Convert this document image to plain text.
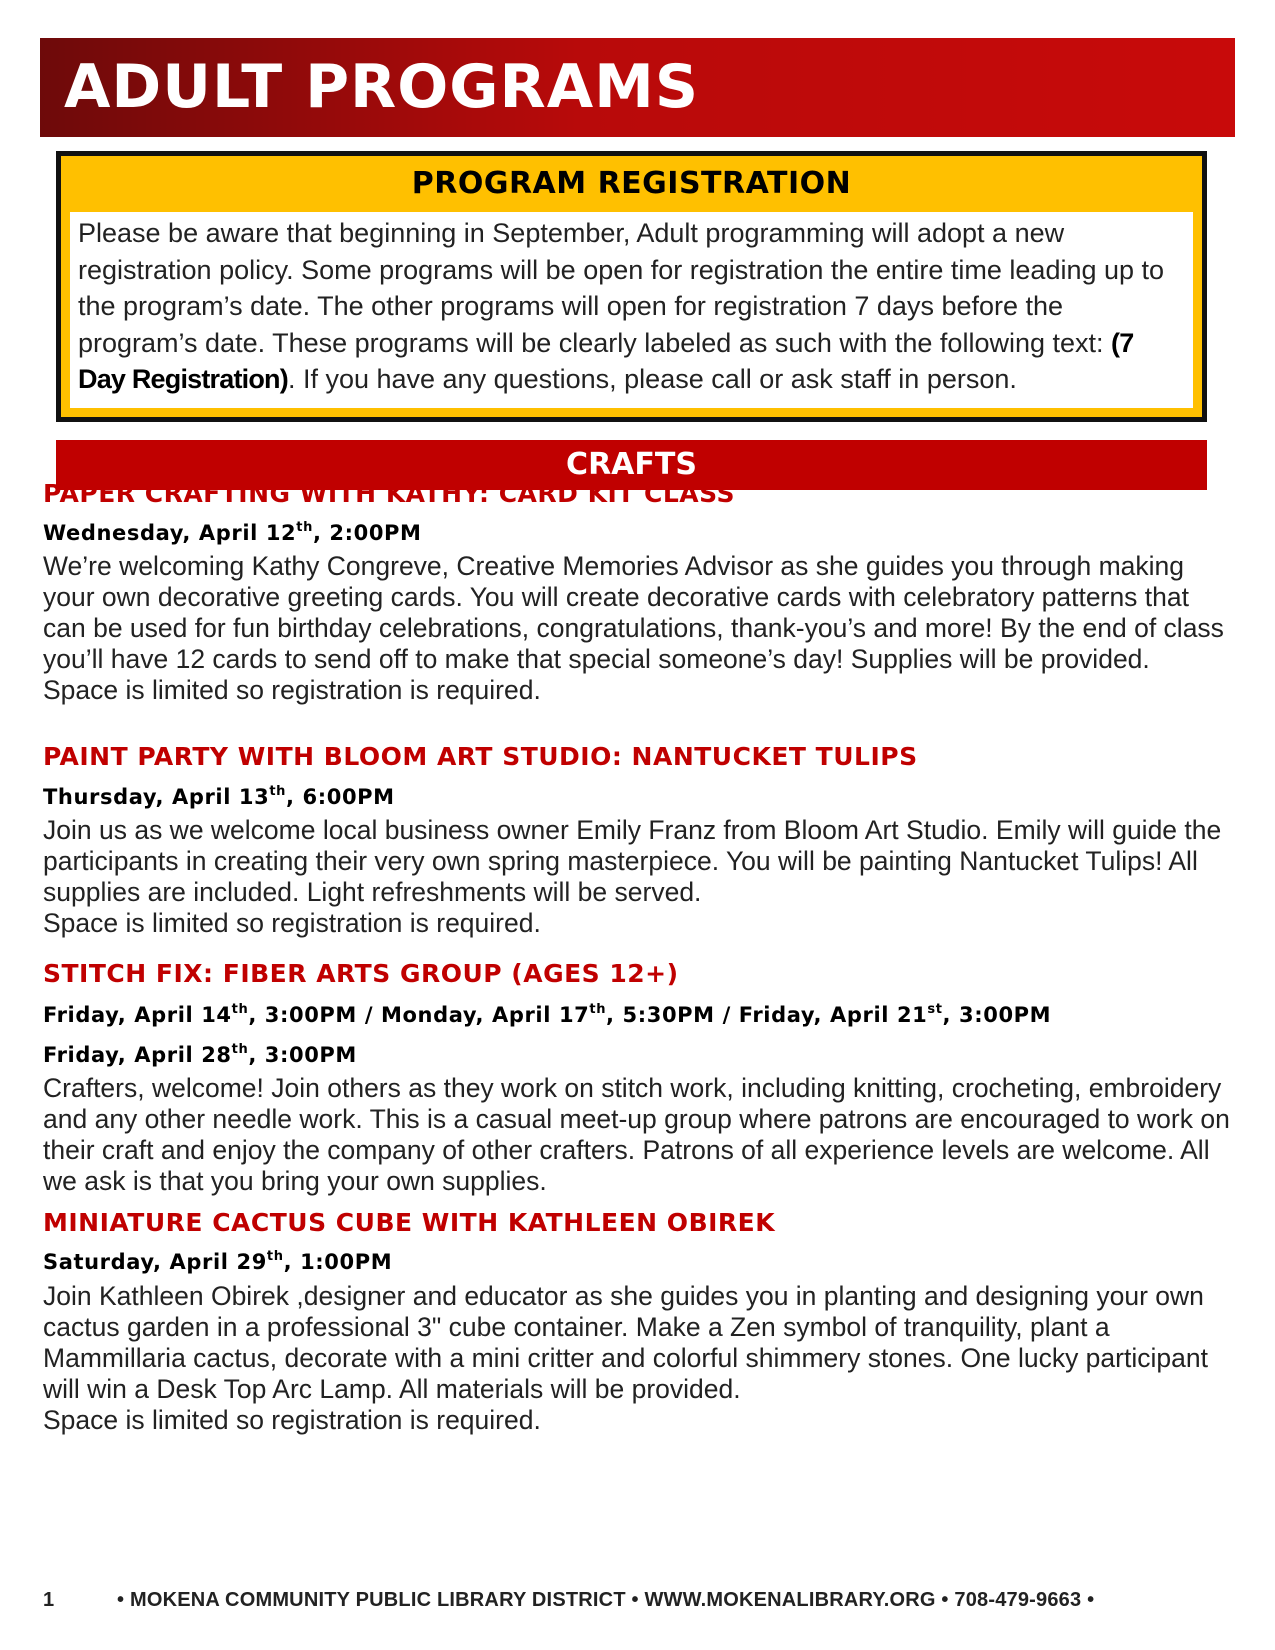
ADULT PROGRAMS
PROGRAM REGISTRATION
Please be aware that beginning in September, Adult programming will adopt a new registration policy. Some programs will be open for registration the entire time leading up to the program’s date. The other programs will open for registration 7 days before the program’s date. These programs will be clearly labeled as such with the following text: (7 Day Registration). If you have any questions, please call or ask staff in person.
CRAFTS
PAPER CRAFTING WITH KATHY: CARD KIT CLASS
Wednesday, April 12th, 2:00PM

We’re welcoming Kathy Congreve, Creative Memories Advisor as she guides you through making your own decorative greeting cards. You will create decorative cards with celebratory patterns that can be used for fun birthday celebrations, congratulations, thank-you’s and more! By the end of class you’ll have 12 cards to send off to make that special someone’s day! Supplies will be provided.

Space is limited so registration is required.

PAINT PARTY WITH BLOOM ART STUDIO: NANTUCKET TULIPS
Thursday, April 13th, 6:00PM

Join us as we welcome local business owner Emily Franz from Bloom Art Studio. Emily will guide the participants in creating their very own spring masterpiece. You will be painting Nantucket Tulips! All supplies are included. Light refreshments will be served.

Space is limited so registration is required.

STITCH FIX: FIBER ARTS GROUP (AGES 12+)
Friday, April 14th, 3:00PM / Monday, April 17th, 5:30PM / Friday, April 21st, 3:00PM
Friday, April 28th, 3:00PM

Crafters, welcome! Join others as they work on stitch work, including knitting, crocheting, embroidery and any other needle work. This is a casual meet-up group where patrons are encouraged to work on their craft and enjoy the company of other crafters. Patrons of all experience levels are welcome. All we ask is that you bring your own supplies.

MINIATURE CACTUS CUBE WITH KATHLEEN OBIREK
Saturday, April 29th, 1:00PM

Join Kathleen Obirek ,designer and educator as she guides you in planting and designing your own cactus garden in a professional 3" cube container. Make a Zen symbol of tranquility, plant a Mammillaria cactus, decorate with a mini critter and colorful shimmery stones. One lucky participant will win a Desk Top Arc Lamp. All materials will be provided.

Space is limited so registration is required.

1	• MOKENA COMMUNITY PUBLIC LIBRARY DISTRICT • WWW.MOKENALIBRARY.ORG • 708-479-9663 •
